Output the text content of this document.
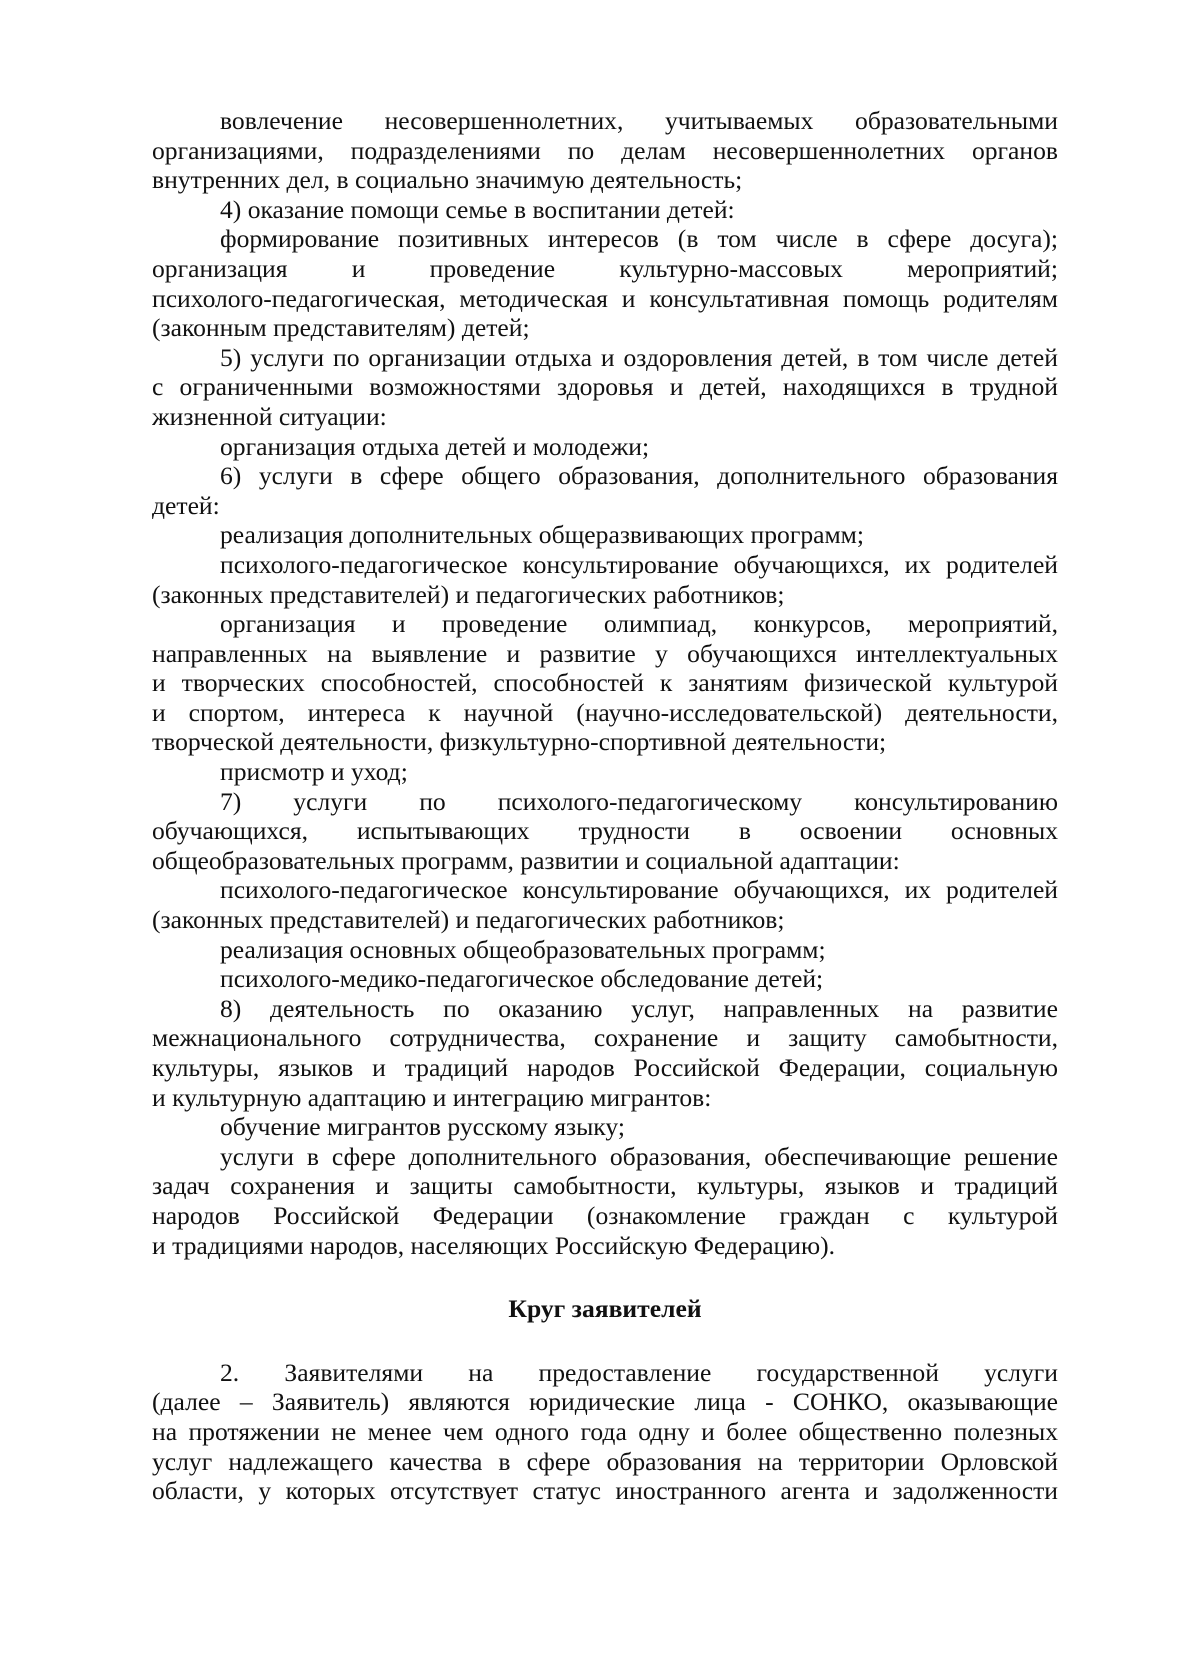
вовлечение несовершеннолетних, учитываемых образовательными
организациями, подразделениями по делам несовершеннолетних органов
внутренних дел, в социально значимую деятельность;
4) оказание помощи семье в воспитании детей:
формирование позитивных интересов (в том числе в сфере досуга);
организация и проведение культурно-массовых мероприятий;
психолого-педагогическая, методическая и консультативная помощь родителям
(законным представителям) детей;
5) услуги по организации отдыха и оздоровления детей, в том числе детей
с ограниченными возможностями здоровья и детей, находящихся в трудной
жизненной ситуации:
организация отдыха детей и молодежи;
6) услуги в сфере общего образования, дополнительного образования
детей:
реализация дополнительных общеразвивающих программ;
психолого-педагогическое консультирование обучающихся, их родителей
(законных представителей) и педагогических работников;
организация и проведение олимпиад, конкурсов, мероприятий,
направленных на выявление и развитие у обучающихся интеллектуальных
и творческих способностей, способностей к занятиям физической культурой
и спортом, интереса к научной (научно-исследовательской) деятельности,
творческой деятельности, физкультурно-спортивной деятельности;
присмотр и уход;
7) услуги по психолого-педагогическому консультированию
обучающихся, испытывающих трудности в освоении основных
общеобразовательных программ, развитии и социальной адаптации:
психолого-педагогическое консультирование обучающихся, их родителей
(законных представителей) и педагогических работников;
реализация основных общеобразовательных программ;
психолого-медико-педагогическое обследование детей;
8) деятельность по оказанию услуг, направленных на развитие
межнационального сотрудничества, сохранение и защиту самобытности,
культуры, языков и традиций народов Российской Федерации, социальную
и культурную адаптацию и интеграцию мигрантов:
обучение мигрантов русскому языку;
услуги в сфере дополнительного образования, обеспечивающие решение
задач сохранения и защиты самобытности, культуры, языков и традиций
народов Российской Федерации (ознакомление граждан с культурой
и традициями народов, населяющих Российскую Федерацию).
Круг заявителей
2. Заявителями на предоставление государственной услуги
(далее – Заявитель) являются юридические лица - СОНКО, оказывающие
на протяжении не менее чем одного года одну и более общественно полезных
услуг надлежащего качества в сфере образования на территории Орловской
области, у которых отсутствует статус иностранного агента и задолженности
